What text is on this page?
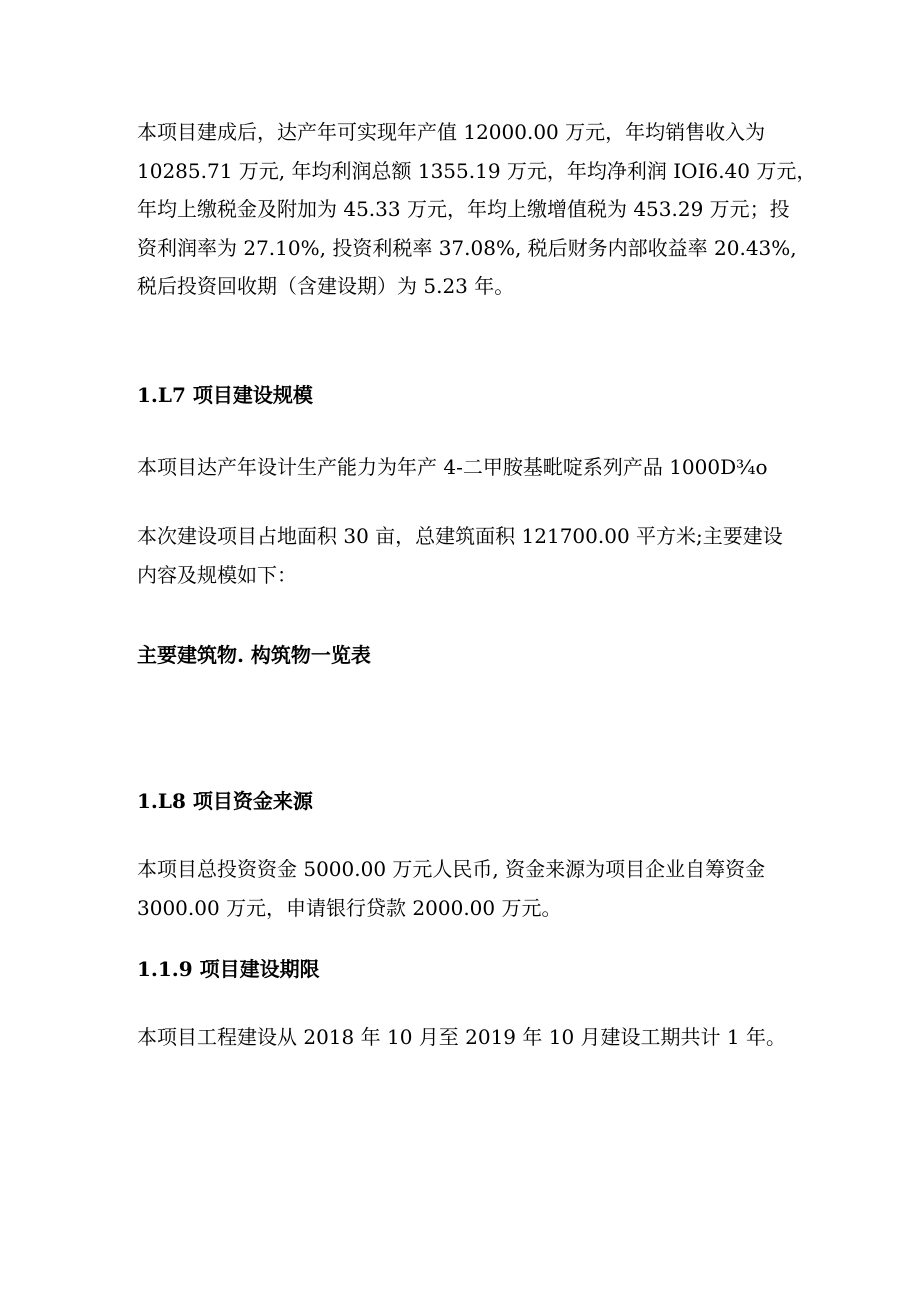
本项目建成后，达产年可实现年产值 12000.00 万元，年均销售收入为
10285.71 万元, 年均利润总额 1355.19 万元，年均净利润 IOI6.40 万元，
年均上缴税金及附加为 45.33 万元，年均上缴增值税为 453.29 万元；投
资利润率为 27.10%, 投资利税率 37.08%, 税后财务内部收益率 20.43%,
税后投资回收期（含建设期）为 5.23 年。
1.L7 项目建设规模
本项目达产年设计生产能力为年产 4-二甲胺基毗啶系列产品 1000D¾o
本次建设项目占地面积 30 亩，总建筑面积 121700.00 平方米;主要建设
内容及规模如下：
主要建筑物. 构筑物一览表
1.L8 项目资金来源
本项目总投资资金 5000.00 万元人民币, 资金来源为项目企业自筹资金
3000.00 万元，申请银行贷款 2000.00 万元。
1.1.9 项目建设期限
本项目工程建设从 2018 年 10 月至 2019 年 10 月建设工期共计 1 年。
